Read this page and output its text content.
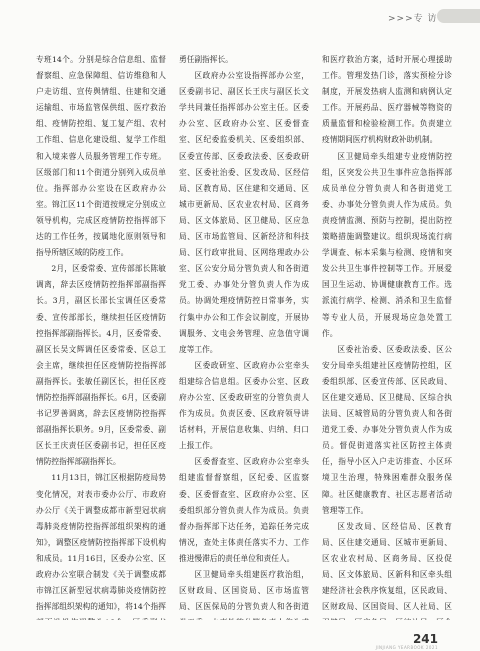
>>>专 访

专班14个。分别是综合信息组、监督督察组、应急保障组、信访维稳和人户走访组、宣传舆情组、住建和交通运输组、市场监管保供组、医疗救治组、疫情防控组、复工复产组、农村工作组、信息化建设组、复学工作组和入境来蓉人员服务管理工作专班。区级部门和11个街道分别列入成员单位。指挥部办公室设在区政府办公室。锦江区11个街道按规定分别成立领导机构，完成区疫情防控指挥部下达的工作任务，按属地化原则领导和指导所辖区域的防疫工作。

2月，区委常委、宣传部部长陈敏调离，辞去区疫情防控指挥部副指挥长。3月，副区长邵长宝调任区委常委、宣传部部长，继续担任区疫情防控指挥部副指挥长。4月，区委常委、副区长吴文辉调任区委常委、区总工会主席，继续担任区疫情防控指挥部副指挥长。张敏任副区长，担任区疫情防控指挥部副指挥长。6月，区委副书记罗善调离，辞去区疫情防控指挥部副指挥长职务。9月，区委常委、副区长王庆责任区委副书记，担任区疫情防控指挥部副指挥长。

11月13日，锦江区根据防疫局势变化情况，对表市委办公厅、市政府办公厅《关于调整成都市新型冠状病毒肺炎疫情防控指挥部组织架构的通知》，调整区疫情防控指挥部下设机构和成员。11月16日，区委办公室、区政府办公室联合制发《关于调整成都市锦江区新型冠状病毒肺炎疫情防控指挥部组织架构的通知》，将14个指挥

勇任副指挥长。

区政府办公室设指挥部办公室，区委副书记、副区长王庆与副区长文学共同兼任指挥部办公室主任。区委办公室、区政府办公室、区委督查室、区纪委监委机关、区委组织部、区委宣传部、区委政法委、区委政研室、区委社治委、区发改局、区经信局、区教育局、区住建和交通局、区城市更新局、区农业农村局、区商务局、区文体旅局、区卫健局、区应急局、区市场监管局、区新经济和科技局、区行政审批局、区网络理政办公室、区公安分局分管负责人和各街道党工委、办事处分管负责人作为成员。协调处理疫情防控日常事务，实行集中办公和工作会议制度，开展协调服务、文电会务管理、应急值守调度等工作。

区委政研室、区政府办公室牵头组建综合信息组。区委办公室、区政府办公室、区委政研室的分管负责人作为成员。负责区委、区政府领导讲话材料，开展信息收集、归纳、归口上报工作。

区委督查室、区政府办公室牵头组建监督督察组，区纪委、区监察委、区委督查室、区政府办公室、区委组织部分管负责人作为成员。负责督办指挥部下达任务，追踪任务完成情况，查处主体责任落实不力、工作推进慢滞后的责任单位和责任人。

区卫健局牵头组建医疗救治组，区财政局、区国资局、区市场监管局、区医保局的分管负责人和各街道

和医疗救治方案，适时开展心理援助工作。管理发热门诊，落实预检分诊制度，开展发热病人监测和病例认定工作。开展药品、医疗器械等物资的质量监督和检验检测工作。负责建立疫情期间医疗机构财政补助机制。

区卫健局牵头组建专业疫情防控组，区突发公共卫生事件应急指挥部成员单位分管负责人和各街道党工委、办事处分管负责人作为成员。负责疫情监测、预防与控制，提出防控策略措施调整建议。组织现场流行病学调查、标本采集与检测、疫情和突发公共卫生事件控制等工作。开展爱国卫生运动、协调健康教育工作。选派流行病学、检测、消杀和卫生监督等专业人员，开展现场应急处置工作。

区委社治委、区委政法委、区公安分局牵头组建社区疫情防控组，区委组织部、区委宣传部、区民政局、区住建交通局、区卫健局、区综合执法局、区城管局的分管负责人和各街道党工委、办事处分管负责人作为成员。督促街道落实社区防控主体责任，指导小区入户走访排查、小区环境卫生治理，特殊困难群众服务保障。社区健康教育、社区志愿者活动管理等工作。

区发改局、区经信局、区教育局、区住建交通局、区城市更新局、区农业农村局、区商务局、区投促局、区文体旅局、区新科和区牵头组建经济社会秩序恢复组，区民政局、区财政局、区国资局、区人社局、区

241
JINJIANG YEARBOOK 2021
